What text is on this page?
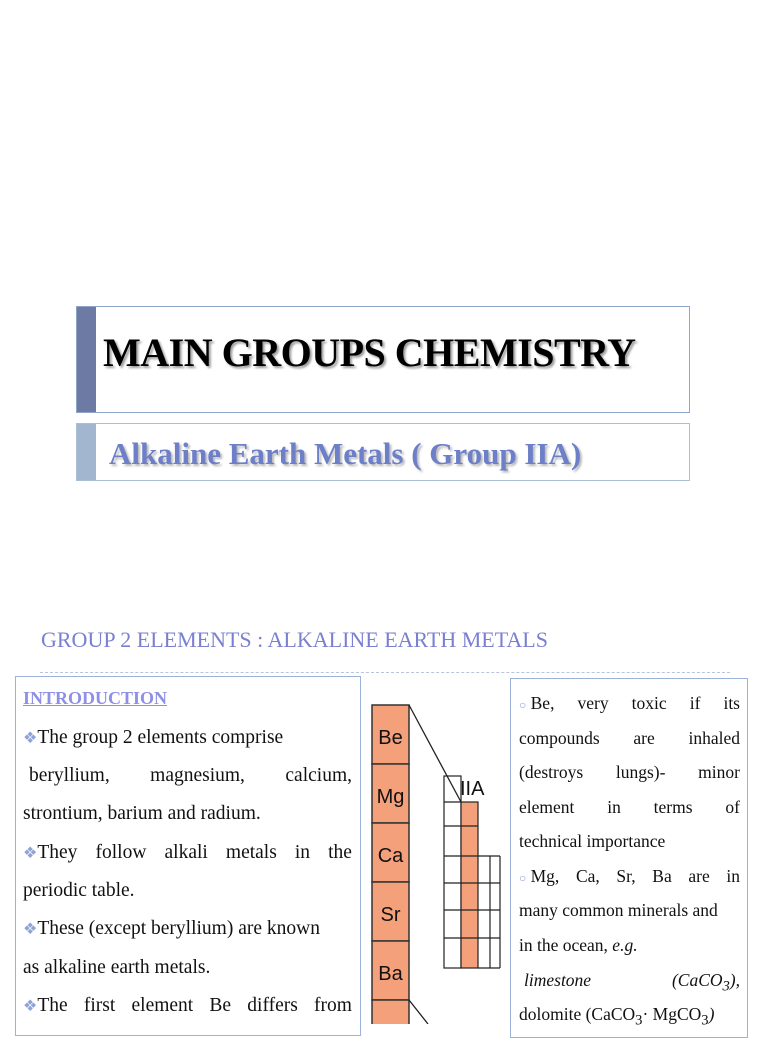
MAIN GROUPS CHEMISTRY
Alkaline Earth Metals ( Group IIA)
GROUP 2 ELEMENTS : ALKALINE EARTH METALS
INTRODUCTION
❖The group 2 elements comprise
beryllium, magnesium, calcium,
strontium, barium and radium.
❖They follow alkali metals in the
periodic table.
❖These (except beryllium) are known
as alkaline earth metals.
❖The first element Be differs from
Be
Mg
Ca
Sr
Ba
IIA
○ Be, very toxic if its
compounds are inhaled
(destroys lungs)- minor
element in terms of
technical importance
○ Mg, Ca, Sr, Ba are in
many common minerals and
in the ocean, e.g.
limestone	(CaCO$_3$),
dolomite (CaCO$_3$· MgCO$_3$)
